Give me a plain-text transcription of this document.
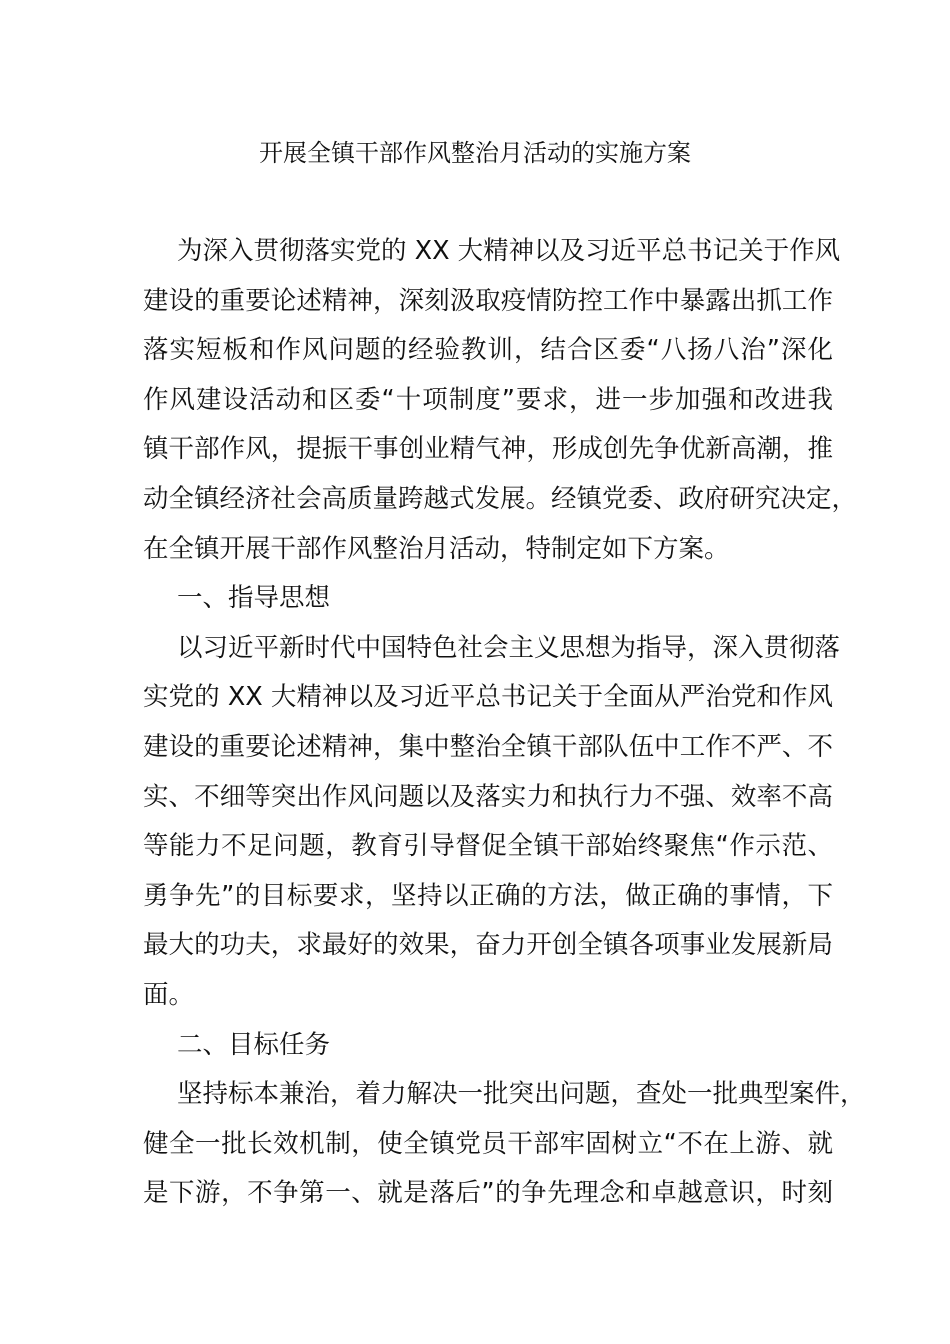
开展全镇干部作风整治月活动的实施方案
为深入贯彻落实党的 XX 大精神以及习近平总书记关于作风
建设的重要论述精神，深刻汲取疫情防控工作中暴露出抓工作
落实短板和作风问题的经验教训，结合区委“八扬八治”深化
作风建设活动和区委“十项制度”要求，进一步加强和改进我
镇干部作风，提振干事创业精气神，形成创先争优新高潮，推
动全镇经济社会高质量跨越式发展。经镇党委、政府研究决定，
在全镇开展干部作风整治月活动，特制定如下方案。
一、指导思想
以习近平新时代中国特色社会主义思想为指导，深入贯彻落
实党的 XX 大精神以及习近平总书记关于全面从严治党和作风
建设的重要论述精神，集中整治全镇干部队伍中工作不严、不
实、不细等突出作风问题以及落实力和执行力不强、效率不高
等能力不足问题，教育引导督促全镇干部始终聚焦“作示范、
勇争先”的目标要求，坚持以正确的方法，做正确的事情，下
最大的功夫，求最好的效果，奋力开创全镇各项事业发展新局
面。
二、目标任务
坚持标本兼治，着力解决一批突出问题，查处一批典型案件，
健全一批长效机制，使全镇党员干部牢固树立“不在上游、就
是下游，不争第一、就是落后”的争先理念和卓越意识，时刻
